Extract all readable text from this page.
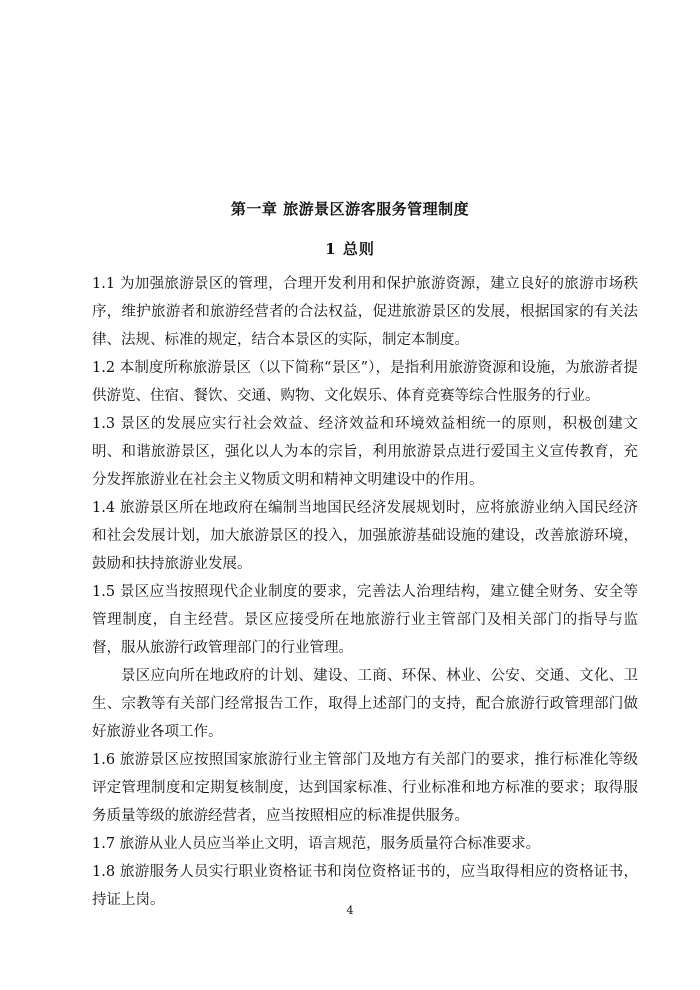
第一章 旅游景区游客服务管理制度
1 总则

1.1 为加强旅游景区的管理，合理开发利用和保护旅游资源，建立良好的旅游市场秩序，维护旅游者和旅游经营者的合法权益，促进旅游景区的发展，根据国家的有关法律、法规、标准的规定，结合本景区的实际，制定本制度。

1.2 本制度所称旅游景区（以下简称“景区”），是指利用旅游资源和设施，为旅游者提供游览、住宿、餐饮、交通、购物、文化娱乐、体育竞赛等综合性服务的行业。

1.3 景区的发展应实行社会效益、经济效益和环境效益相统一的原则，积极创建文明、和谐旅游景区，强化以人为本的宗旨，利用旅游景点进行爱国主义宣传教育，充分发挥旅游业在社会主义物质文明和精神文明建设中的作用。

1.4 旅游景区所在地政府在编制当地国民经济发展规划时，应将旅游业纳入国民经济和社会发展计划，加大旅游景区的投入，加强旅游基础设施的建设，改善旅游环境，鼓励和扶持旅游业发展。

1.5 景区应当按照现代企业制度的要求，完善法人治理结构，建立健全财务、安全等管理制度，自主经营。景区应接受所在地旅游行业主管部门及相关部门的指导与监督，服从旅游行政管理部门的行业管理。

景区应向所在地政府的计划、建设、工商、环保、林业、公安、交通、文化、卫生、宗教等有关部门经常报告工作，取得上述部门的支持，配合旅游行政管理部门做好旅游业各项工作。

1.6 旅游景区应按照国家旅游行业主管部门及地方有关部门的要求，推行标准化等级评定管理制度和定期复核制度，达到国家标准、行业标准和地方标准的要求；取得服务质量等级的旅游经营者，应当按照相应的标准提供服务。

1.7 旅游从业人员应当举止文明，语言规范，服务质量符合标准要求。

1.8 旅游服务人员实行职业资格证书和岗位资格证书的，应当取得相应的资格证书，持证上岗。

4
